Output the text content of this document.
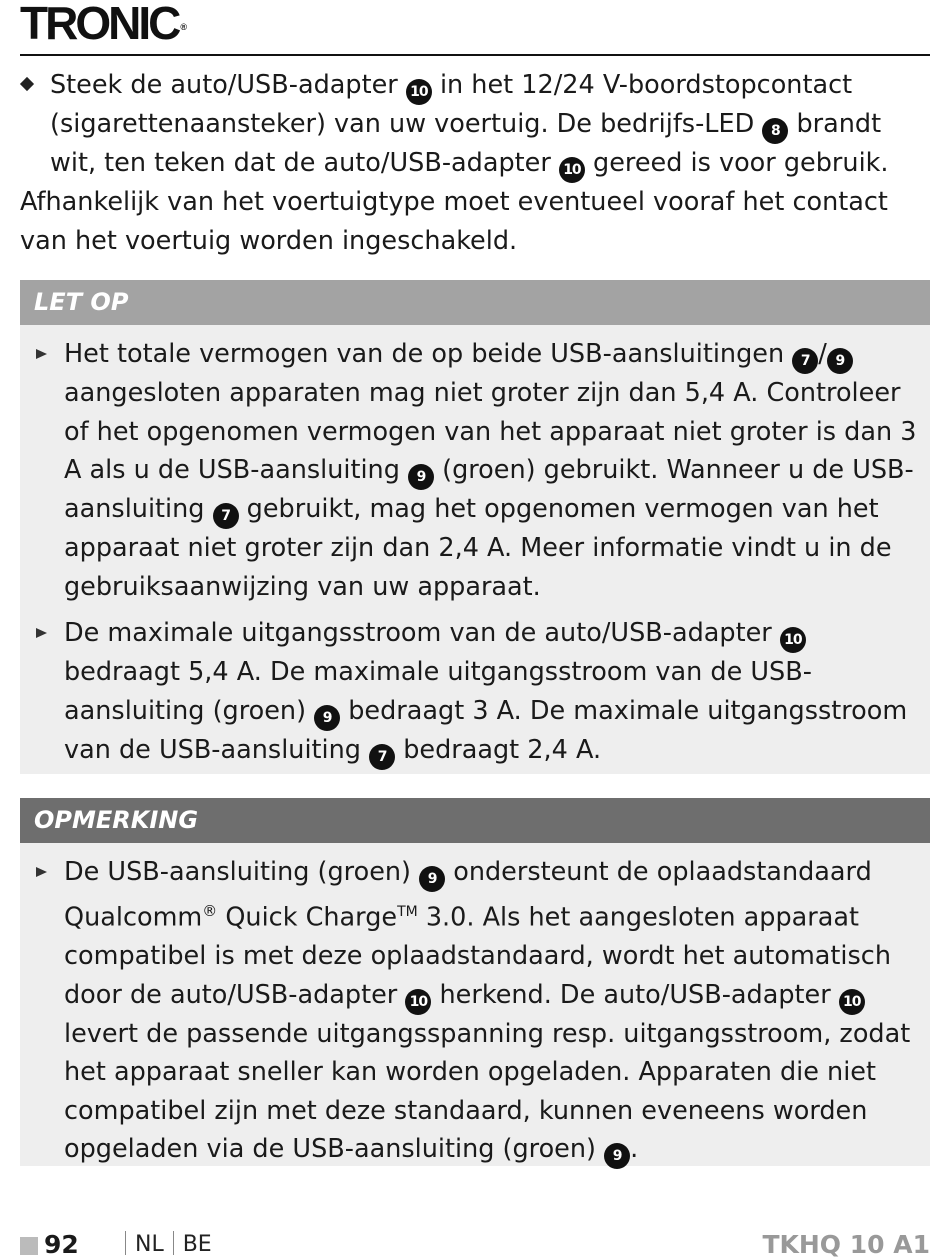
TRONIC ®

Steek de auto/USB-adapter 10 in het 12/24 V-boordstopcontact (sigarettenaansteker) van uw voertuig. De bedrijfs-LED 8 brandt wit, ten teken dat de auto/USB-adapter 10 gereed is voor gebruik.

Afhankelijk van het voertuigtype moet eventueel vooraf het contact van het voertuig worden ingeschakeld.

LET OP
Het totale vermogen van de op beide USB-aansluitingen 7 / 9 aangesloten apparaten mag niet groter zijn dan 5,4 A. Controleer of het opgenomen vermogen van het apparaat niet groter is dan 3 A als u de USB-aansluiting 9 (groen) gebruikt. Wanneer u de USB-aansluiting 7 gebruikt, mag het opgenomen vermogen van het apparaat niet groter zijn dan 2,4 A. Meer informatie vindt u in de gebruiksaanwijzing van uw apparaat.
De maximale uitgangsstroom van de auto/USB-adapter 10 bedraagt 5,4 A. De maximale uitgangsstroom van de USB-aansluiting (groen) 9 bedraagt 3 A. De maximale uitgangsstroom van de USB-aansluiting 7 bedraagt 2,4 A.
OPMERKING
De USB-aansluiting (groen) 9 ondersteunt de oplaadstandaard Qualcomm® Quick Charge™ 3.0. Als het aangesloten apparaat compatibel is met deze oplaadstandaard, wordt het automatisch door de auto/USB-adapter 10 herkend. De auto/USB-adapter 10 levert de passende uitgangsspanning resp. uitgangsstroom, zodat het apparaat sneller kan worden opgeladen. Apparaten die niet compatibel zijn met deze standaard, kunnen eveneens worden opgeladen via de USB-aansluiting (groen) 9 .
92	NL BE	TKHQ 10 A1
